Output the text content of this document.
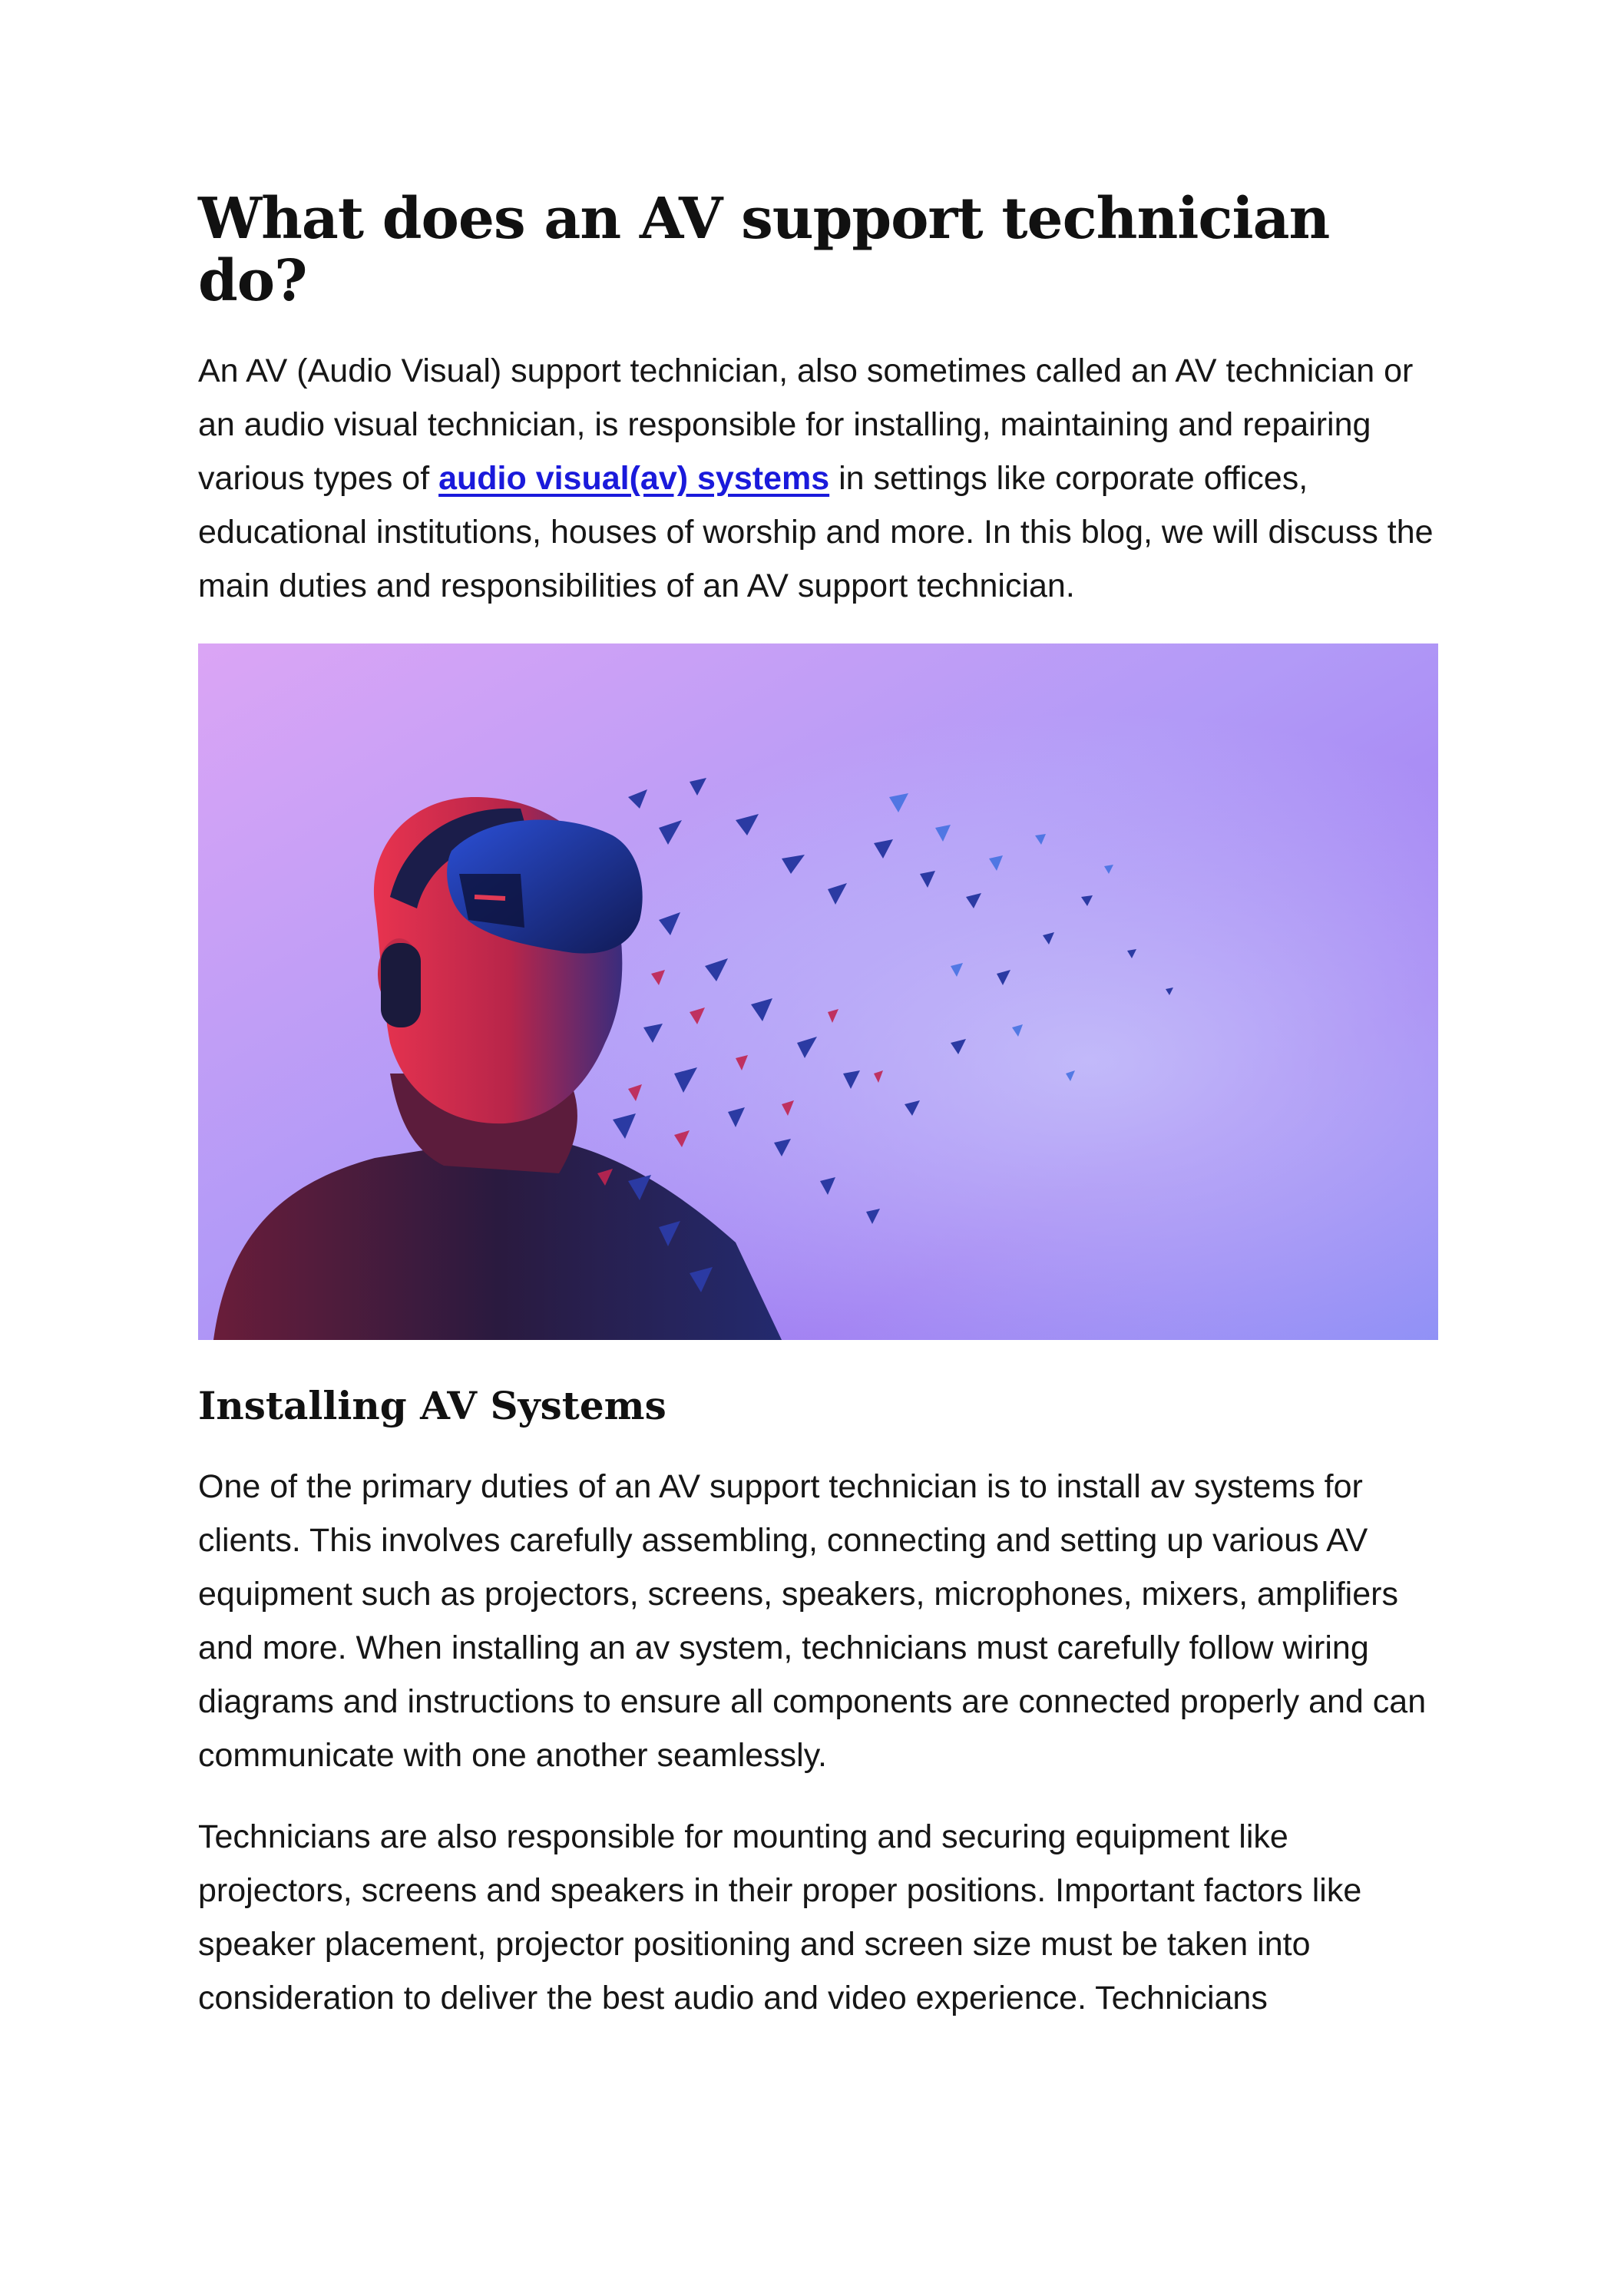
What does an AV support technician do?

An AV (Audio Visual) support technician, also sometimes called an AV technician or an audio visual technician, is responsible for installing, maintaining and repairing various types of audio visual(av) systems in settings like corporate offices, educational institutions, houses of worship and more. In this blog, we will discuss the main duties and responsibilities of an AV support technician.

Installing AV Systems

One of the primary duties of an AV support technician is to install av systems for clients. This involves carefully assembling, connecting and setting up various AV equipment such as projectors, screens, speakers, microphones, mixers, amplifiers and more. When installing an av system, technicians must carefully follow wiring diagrams and instructions to ensure all components are connected properly and can communicate with one another seamlessly.

Technicians are also responsible for mounting and securing equipment like projectors, screens and speakers in their proper positions. Important factors like speaker placement, projector positioning and screen size must be taken into consideration to deliver the best audio and video experience. Technicians
